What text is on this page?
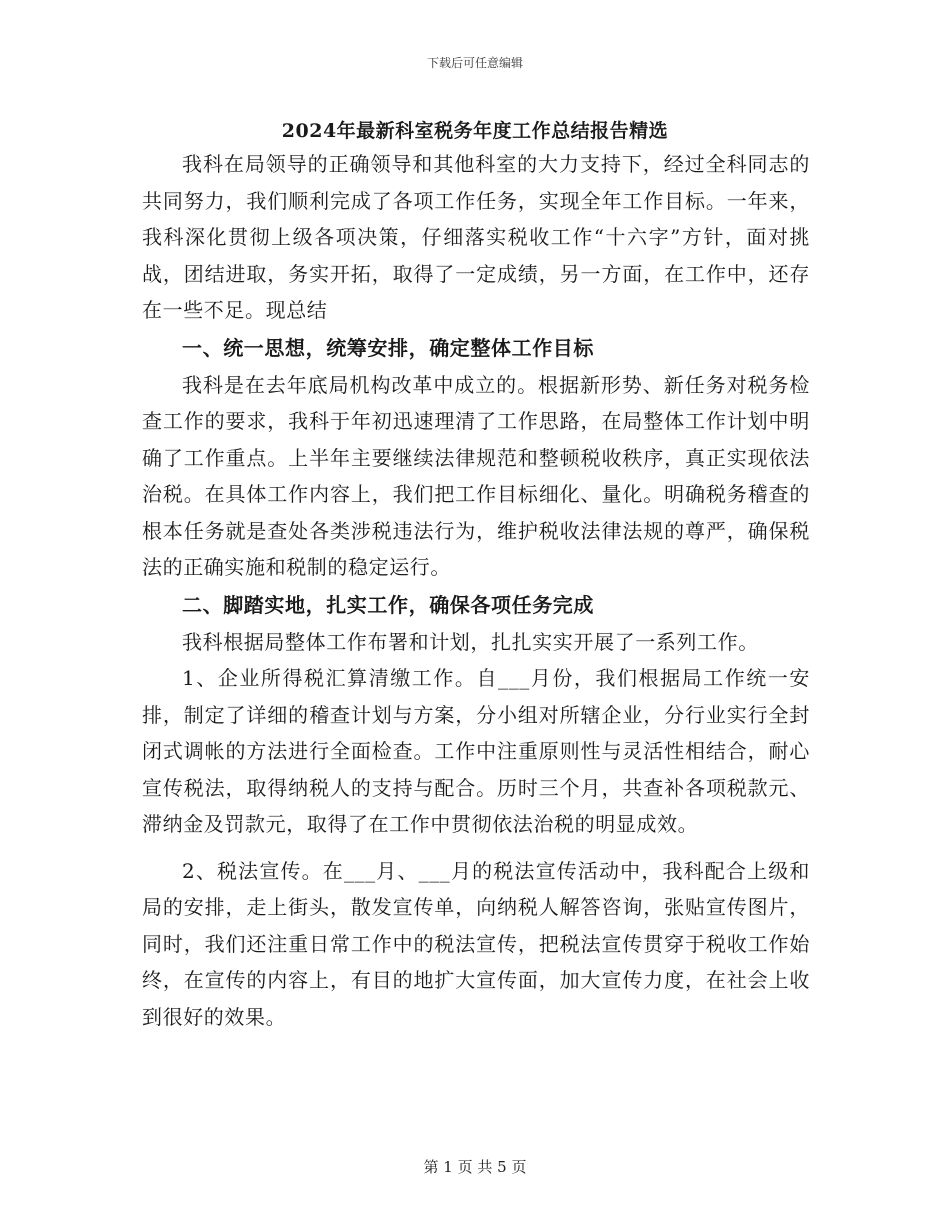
下载后可任意编辑
2024年最新科室税务年度工作总结报告精选

我科在局领导的正确领导和其他科室的大力支持下，经过全科同志的共同努力，我们顺利完成了各项工作任务，实现全年工作目标。一年来，我科深化贯彻上级各项决策，仔细落实税收工作“十六字”方针，面对挑战，团结进取，务实开拓，取得了一定成绩，另一方面，在工作中，还存在一些不足。现总结

一、统一思想，统筹安排，确定整体工作目标

我科是在去年底局机构改革中成立的。根据新形势、新任务对税务检查工作的要求，我科于年初迅速理清了工作思路，在局整体工作计划中明确了工作重点。上半年主要继续法律规范和整顿税收秩序，真正实现依法治税。在具体工作内容上，我们把工作目标细化、量化。明确税务稽查的根本任务就是查处各类涉税违法行为，维护税收法律法规的尊严，确保税法的正确实施和税制的稳定运行。

二、脚踏实地，扎实工作，确保各项任务完成

我科根据局整体工作布署和计划，扎扎实实开展了一系列工作。

1、企业所得税汇算清缴工作。自___月份，我们根据局工作统一安排，制定了详细的稽查计划与方案，分小组对所辖企业，分行业实行全封闭式调帐的方法进行全面检查。工作中注重原则性与灵活性相结合，耐心宣传税法，取得纳税人的支持与配合。历时三个月，共查补各项税款元、滞纳金及罚款元，取得了在工作中贯彻依法治税的明显成效。

2、税法宣传。在___月、___月的税法宣传活动中，我科配合上级和局的安排，走上街头，散发宣传单，向纳税人解答咨询，张贴宣传图片，同时，我们还注重日常工作中的税法宣传，把税法宣传贯穿于税收工作始终，在宣传的内容上，有目的地扩大宣传面，加大宣传力度，在社会上收到很好的效果。

第 1 页 共 5 页
